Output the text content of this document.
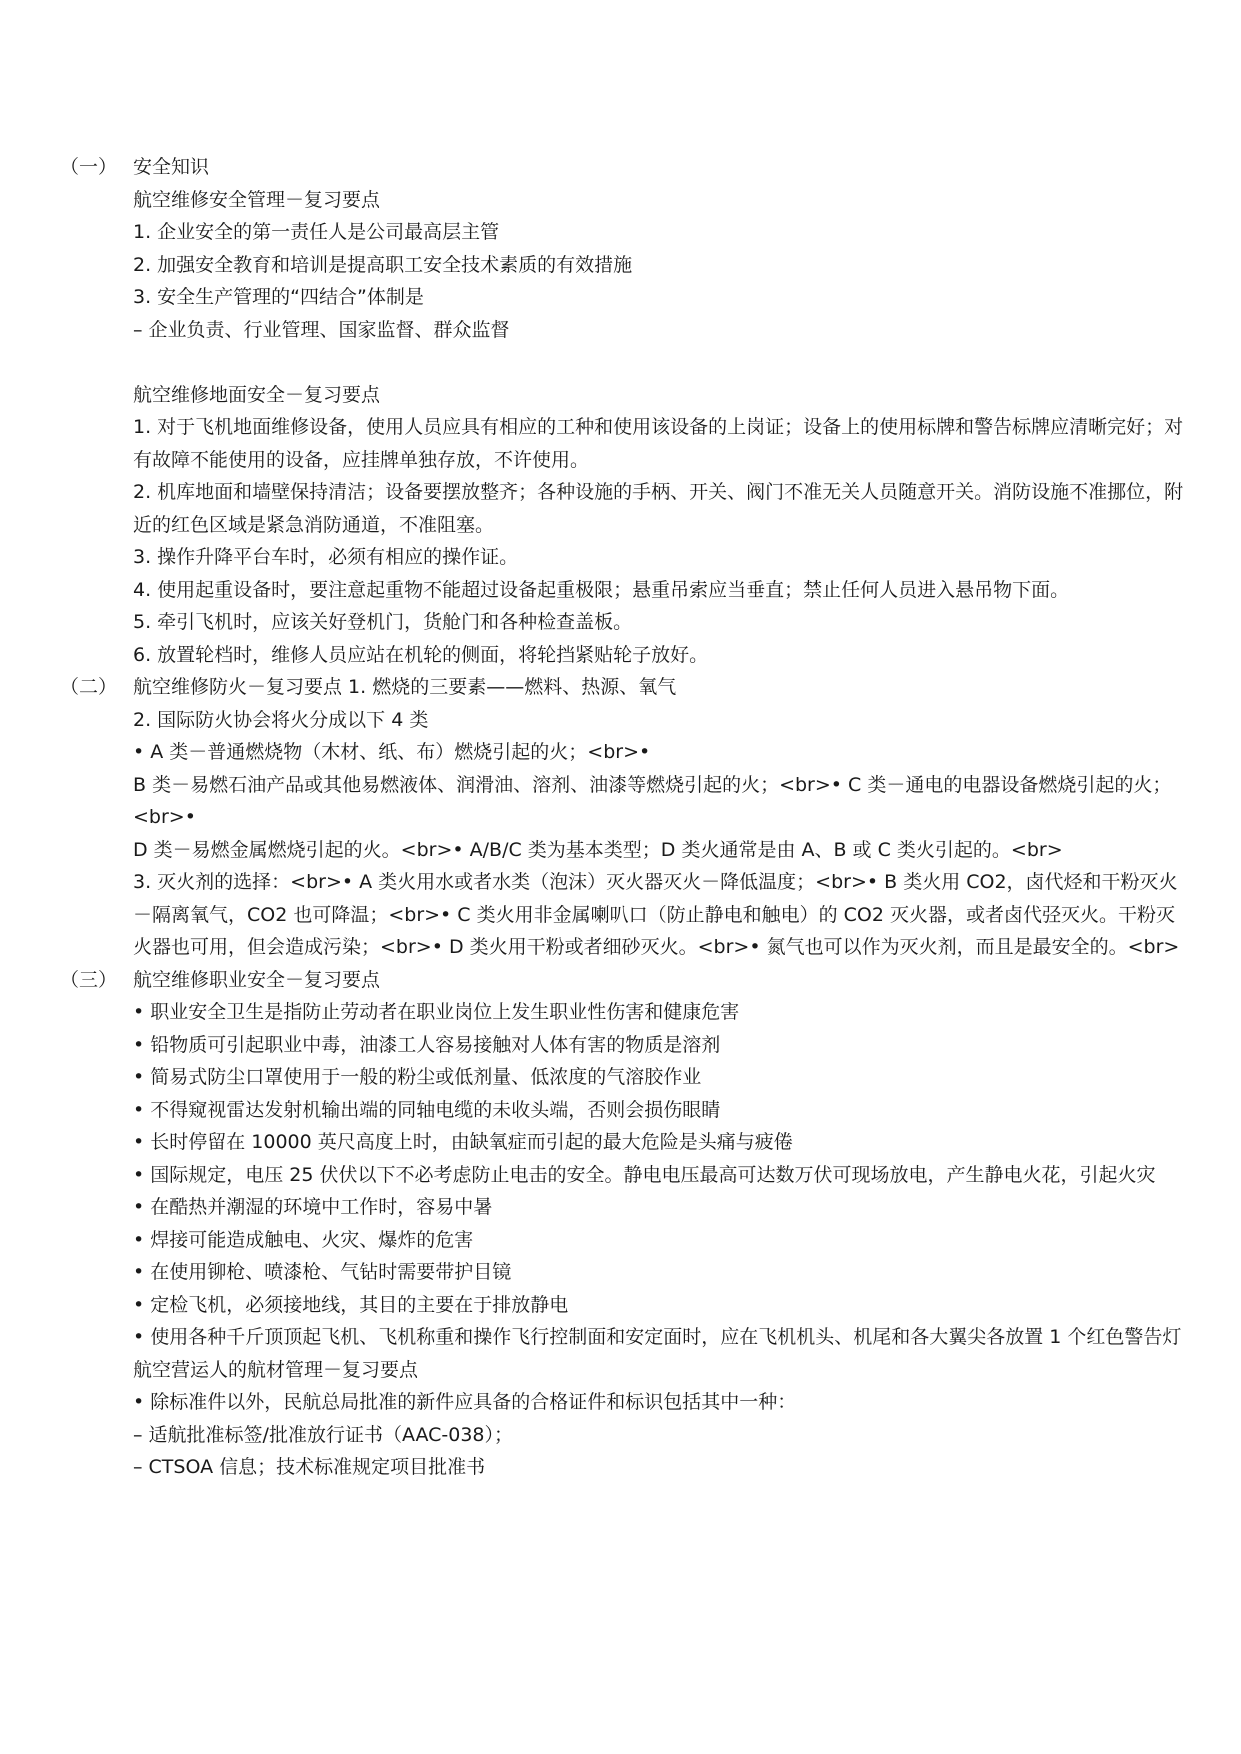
（一） 安全知识

航空维修安全管理－复习要点

1. 企业安全的第一责任人是公司最高层主管

2. 加强安全教育和培训是提高职工安全技术素质的有效措施

3. 安全生产管理的“四结合”体制是

– 企业负责、行业管理、国家监督、群众监督

航空维修地面安全－复习要点

1. 对于飞机地面维修设备，使用人员应具有相应的工种和使用该设备的上岗证；设备上的使用标牌和警告标牌应清晰完好；对有故障不能使用的设备，应挂牌单独存放，不许使用。

2. 机库地面和墙壁保持清洁；设备要摆放整齐；各种设施的手柄、开关、阀门不准无关人员随意开关。消防设施不准挪位，附近的红色区域是紧急消防通道，不准阻塞。

3. 操作升降平台车时，必须有相应的操作证。

4. 使用起重设备时，要注意起重物不能超过设备起重极限；悬重吊索应当垂直；禁止任何人员进入悬吊物下面。

5. 牵引飞机时，应该关好登机门，货舱门和各种检查盖板。

6. 放置轮档时，维修人员应站在机轮的侧面，将轮挡紧贴轮子放好。

（二） 航空维修防火－复习要点 1. 燃烧的三要素——燃料、热源、氧气

2. 国际防火协会将火分成以下 4 类

• A 类－普通燃烧物（木材、纸、布）燃烧引起的火；<br>•

B 类－易燃石油产品或其他易燃液体、润滑油、溶剂、油漆等燃烧引起的火；<br>• C 类－通电的电器设备燃烧引起的火；<br>•

D 类－易燃金属燃烧引起的火。<br>• A/B/C 类为基本类型；D 类火通常是由 A、B 或 C 类火引起的。<br>

3. 灭火剂的选择：<br>• A 类火用水或者水类（泡沫）灭火器灭火－降低温度；<br>• B 类火用 CO2，卤代烃和干粉灭火－隔离氧气，CO2 也可降温；<br>• C 类火用非金属喇叭口（防止静电和触电）的 CO2 灭火器，或者卤代弪灭火。干粉灭火器也可用，但会造成污染；<br>• D 类火用干粉或者细砂灭火。<br>• 氮气也可以作为灭火剂，而且是最安全的。<br>

（三） 航空维修职业安全－复习要点

• 职业安全卫生是指防止劳动者在职业岗位上发生职业性伤害和健康危害

• 铅物质可引起职业中毒，油漆工人容易接触对人体有害的物质是溶剂

• 简易式防尘口罩使用于一般的粉尘或低剂量、低浓度的气溶胶作业

• 不得窥视雷达发射机输出端的同轴电缆的未收头端，否则会损伤眼睛

• 长时停留在 10000 英尺高度上时，由缺氧症而引起的最大危险是头痛与疲倦

• 国际规定，电压 25 伏伏以下不必考虑防止电击的安全。静电电压最高可达数万伏可现场放电，产生静电火花，引起火灾

• 在酷热并潮湿的环境中工作时，容易中暑

• 焊接可能造成触电、火灾、爆炸的危害

• 在使用铆枪、喷漆枪、气钻时需要带护目镜

• 定检飞机，必须接地线，其目的主要在于排放静电

• 使用各种千斤顶顶起飞机、飞机称重和操作飞行控制面和安定面时，应在飞机机头、机尾和各大翼尖各放置 1 个红色警告灯

航空营运人的航材管理－复习要点

• 除标准件以外，民航总局批准的新件应具备的合格证件和标识包括其中一种：

– 适航批准标签/批准放行证书（AAC-038）；

– CTSOA 信息；技术标准规定项目批准书
